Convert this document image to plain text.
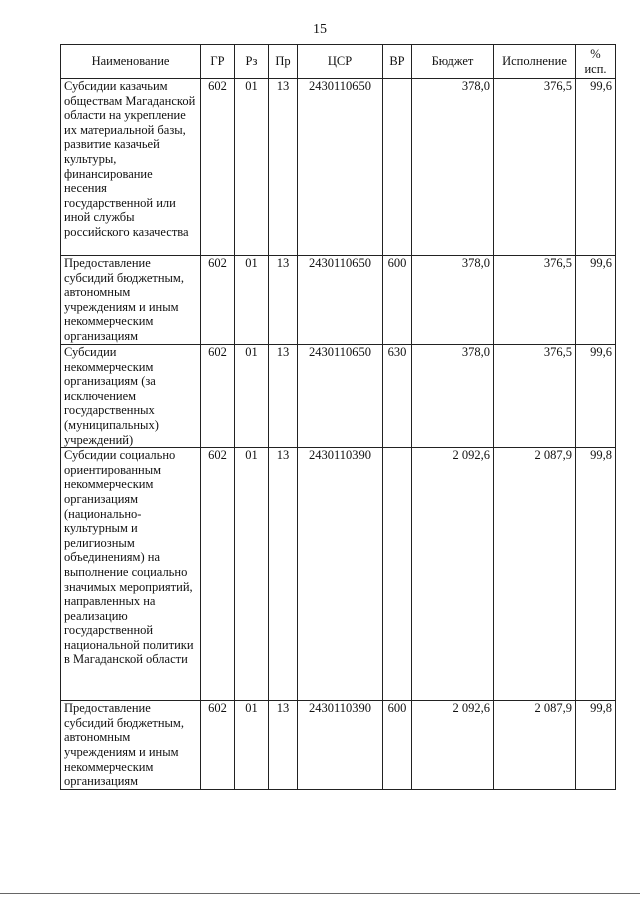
15
Наименование	ГР	Рз	Пр	ЦСР	ВР	Бюджет	Исполнение	% исп.
Субсидии казачьим обществам Магаданской области на укрепление их материальной базы, развитие казачьей культуры, финансирование несения государственной или иной службы российского казачества	602	01	13	2430110650		378,0	376,5	99,6
Предоставление субсидий бюджетным, автономным учреждениям и иным некоммерческим организациям	602	01	13	2430110650	600	378,0	376,5	99,6
Субсидии некоммерческим организациям (за исключением государственных (муниципальных) учреждений)	602	01	13	2430110650	630	378,0	376,5	99,6
Субсидии социально ориентированным некоммерческим организациям (национально-культурным и религиозным объединениям) на выполнение социально значимых мероприятий, направленных на реализацию государственной национальной политики в Магаданской области	602	01	13	2430110390		2 092,6	2 087,9	99,8
Предоставление субсидий бюджетным, автономным учреждениям и иным некоммерческим организациям	602	01	13	2430110390	600	2 092,6	2 087,9	99,8
